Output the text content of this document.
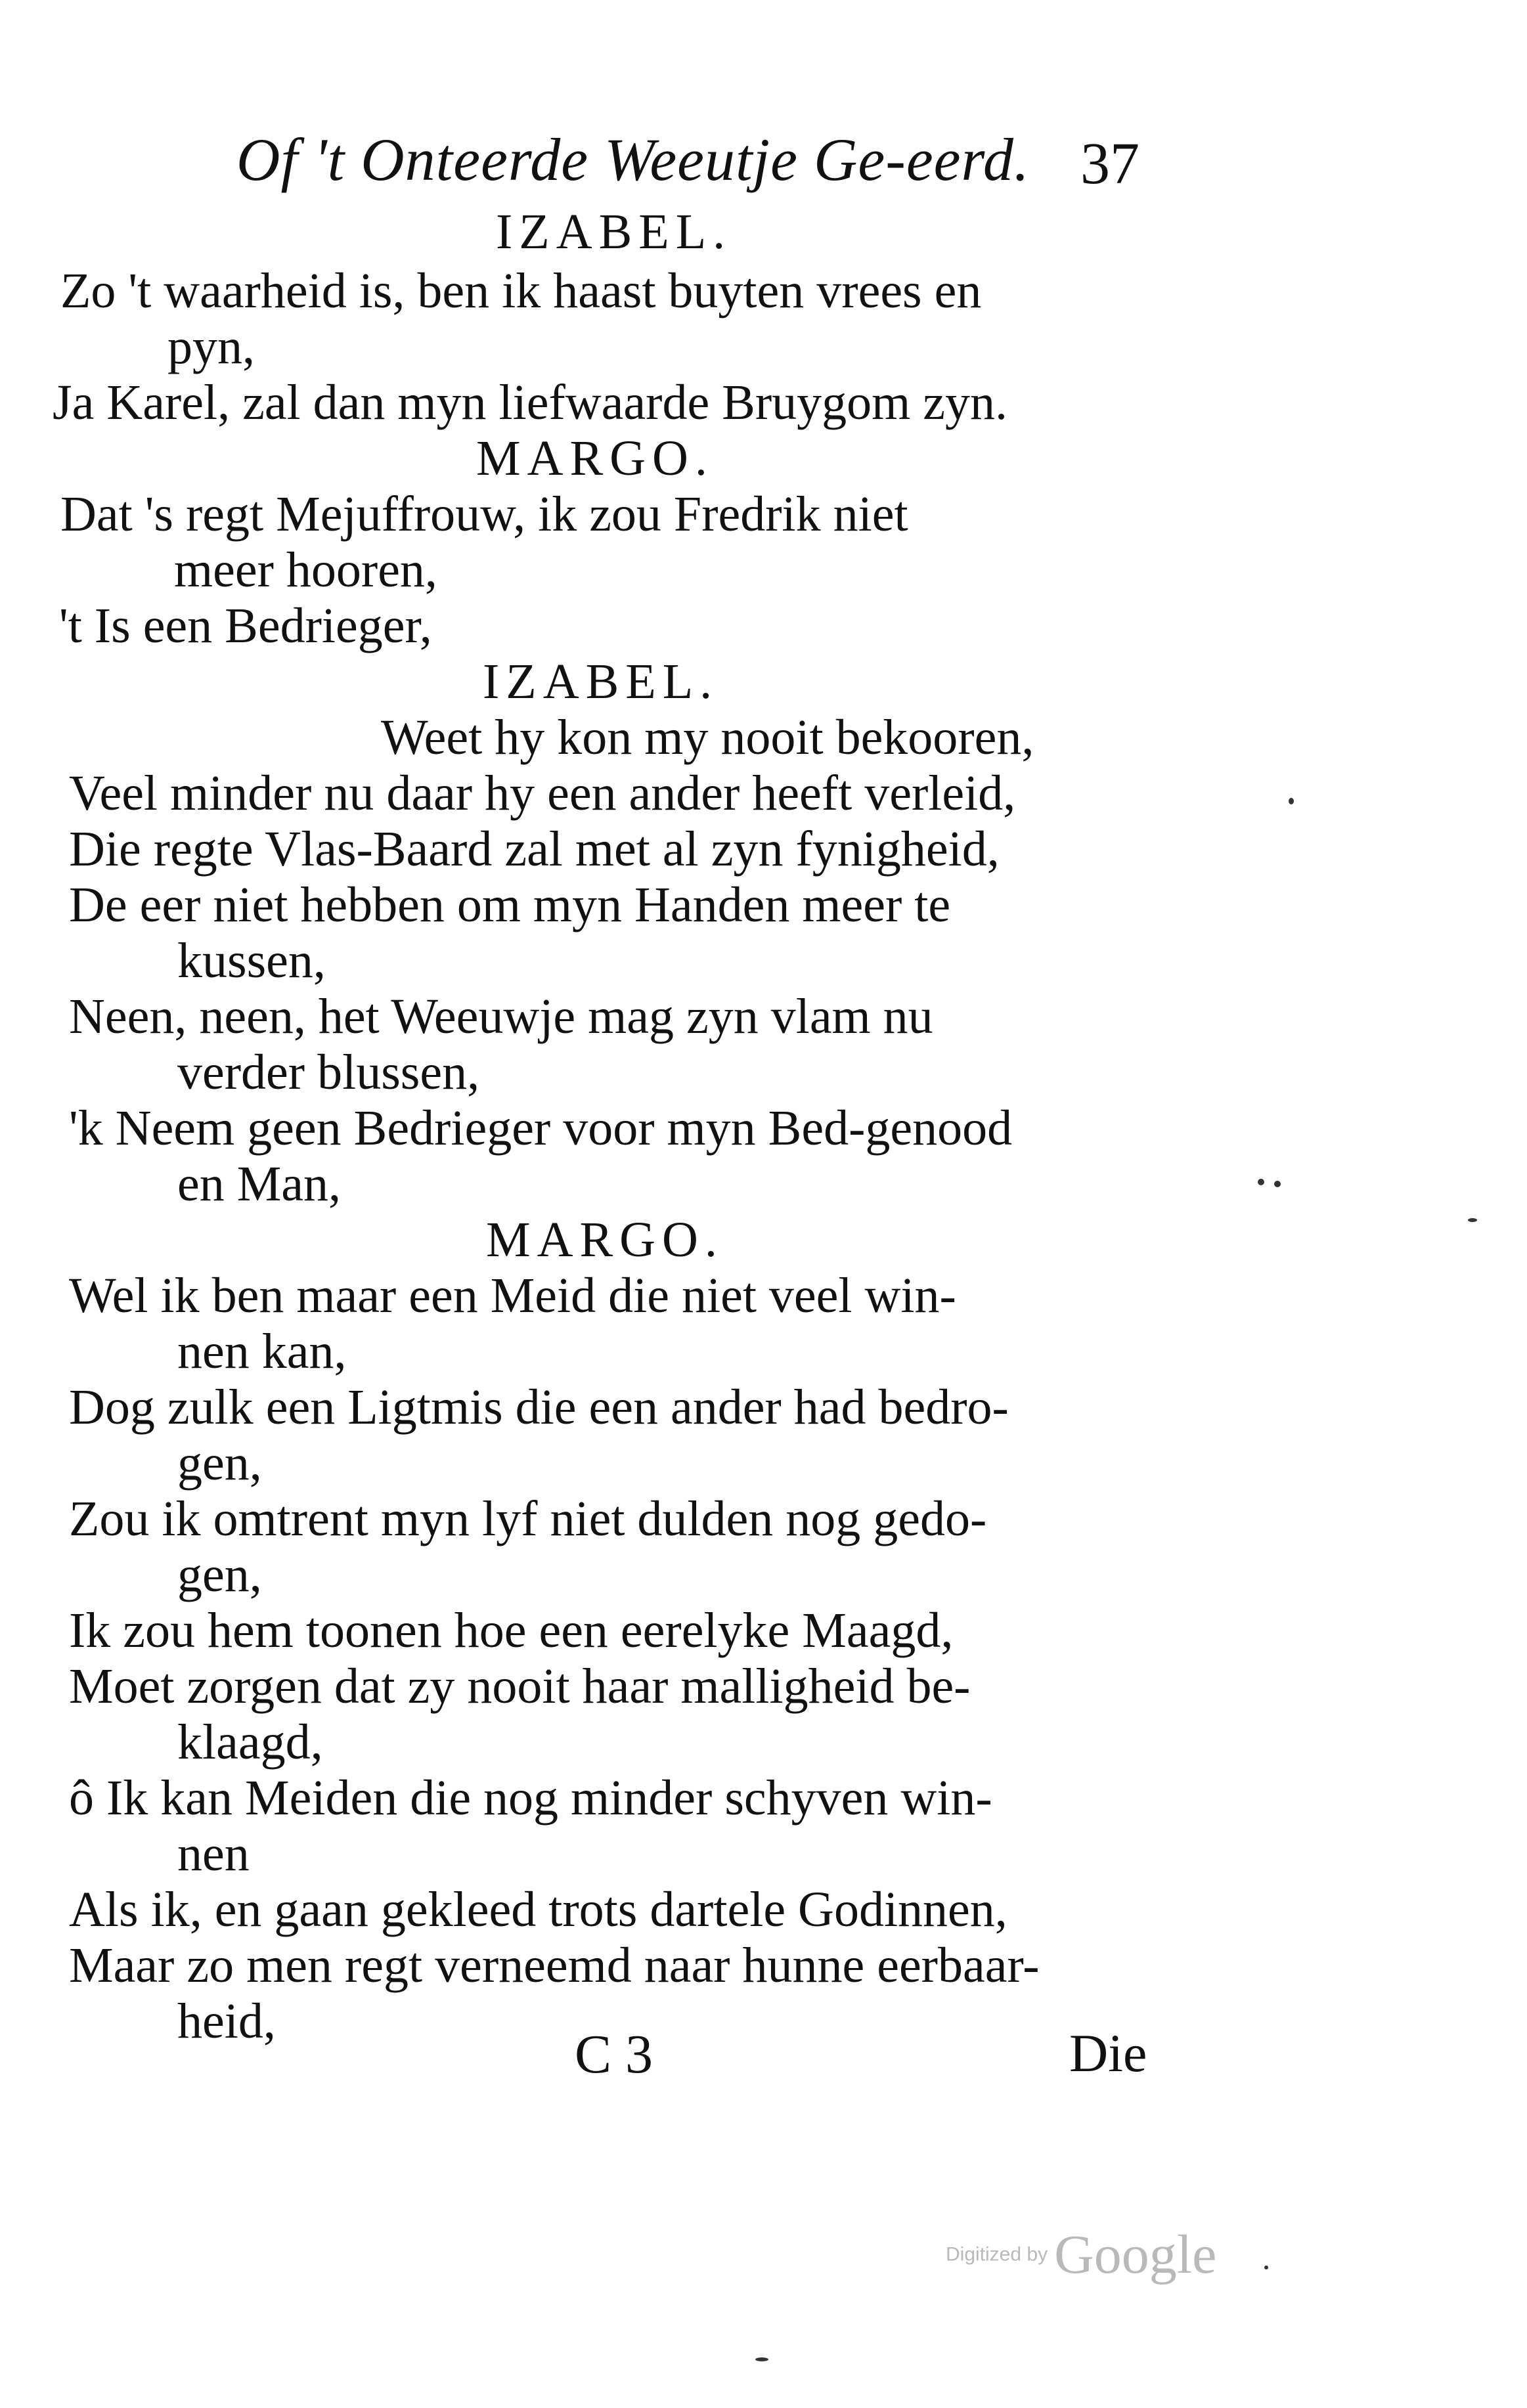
Of 't Onteerde Weeutje Ge-eerd. 37
IZABEL.
Zo 't waarheid is, ben ik haast buyten vrees en
pyn,
Ja Karel, zal dan myn liefwaarde Bruygom zyn.
MARGO.
Dat 's regt Mejuffrouw, ik zou Fredrik niet
meer hooren,
't Is een Bedrieger,
IZABEL.
Weet hy kon my nooit bekooren,
Veel minder nu daar hy een ander heeft verleid,
Die regte Vlas-Baard zal met al zyn fynigheid,
De eer niet hebben om myn Handen meer te
kussen,
Neen, neen, het Weeuwje mag zyn vlam nu
verder blussen,
'k Neem geen Bedrieger voor myn Bed-genood
en Man,
MARGO.
Wel ik ben maar een Meid die niet veel win-
nen kan,
Dog zulk een Ligtmis die een ander had bedro-
gen,
Zou ik omtrent myn lyf niet dulden nog gedo-
gen,
Ik zou hem toonen hoe een eerelyke Maagd,
Moet zorgen dat zy nooit haar malligheid be-
klaagd,
ô Ik kan Meiden die nog minder schyven win-
nen
Als ik, en gaan gekleed trots dartele Godinnen,
Maar zo men regt verneemd naar hunne eerbaar-
heid,
C 3	Die
Digitized by Google
